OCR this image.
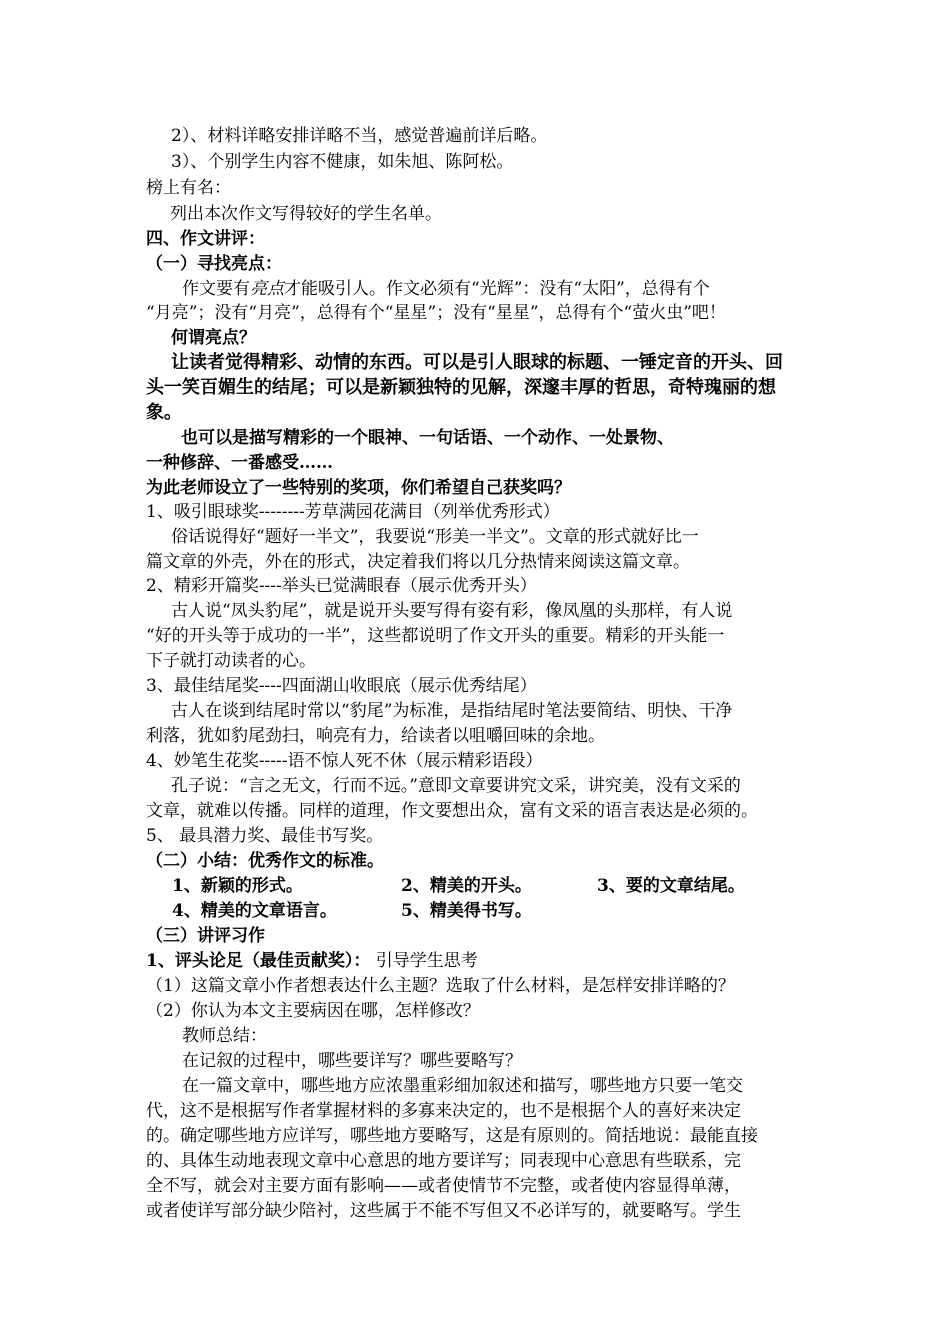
2）、材料详略安排详略不当，感觉普遍前详后略。
3）、个别学生内容不健康，如朱旭、陈阿松。
榜上有名：
列出本次作文写得较好的学生名单。
四、作文讲评：
（一）寻找亮点：
作文要有亮点才能吸引人。作文必须有“光辉”：没有“太阳”，总得有个
“月亮”；没有“月亮”，总得有个“星星”；没有“星星”，总得有个“萤火虫”吧！
何谓亮点？
让读者觉得精彩、动情的东西。可以是引人眼球的标题、一锤定音的开头、回
头一笑百媚生的结尾；可以是新颖独特的见解，深邃丰厚的哲思，奇特瑰丽的想
象。
也可以是描写精彩的一个眼神、一句话语、一个动作、一处景物、
一种修辞、一番感受……
为此老师设立了一些特别的奖项，你们希望自己获奖吗？
1、吸引眼球奖--------芳草满园花满目（列举优秀形式）
俗话说得好“题好一半文”，我要说“形美一半文”。文章的形式就好比一
篇文章的外壳，外在的形式，决定着我们将以几分热情来阅读这篇文章。
2、精彩开篇奖----举头已觉满眼春（展示优秀开头）
古人说“凤头豹尾”，就是说开头要写得有姿有彩，像凤凰的头那样，有人说
“好的开头等于成功的一半”，这些都说明了作文开头的重要。精彩的开头能一
下子就打动读者的心。
3、最佳结尾奖----四面湖山收眼底（展示优秀结尾）
古人在谈到结尾时常以“豹尾”为标准，是指结尾时笔法要简结、明快、干净
利落，犹如豹尾劲扫，响亮有力，给读者以咀嚼回味的余地。
4、妙笔生花奖-----语不惊人死不休（展示精彩语段）
孔子说：“言之无文，行而不远。”意即文章要讲究文采，讲究美，没有文采的
文章，就难以传播。同样的道理，作文要想出众，富有文采的语言表达是必须的。
5、 最具潜力奖、最佳书写奖。
（二）小结：优秀作文的标准。
1、新颖的形式。	2、精美的开头。	3、要的文章结尾。
4、精美的文章语言。	5、精美得书写。
（三）讲评习作
1、评头论足（最佳贡献奖）： 引导学生思考
（1）这篇文章小作者想表达什么主题？选取了什么材料，是怎样安排详略的？
（2）你认为本文主要病因在哪，怎样修改？
教师总结：
在记叙的过程中，哪些要详写？哪些要略写？
在一篇文章中，哪些地方应浓墨重彩细加叙述和描写，哪些地方只要一笔交
代，这不是根据写作者掌握材料的多寡来决定的，也不是根据个人的喜好来决定
的。确定哪些地方应详写，哪些地方要略写，这是有原则的。简括地说：最能直接
的、具体生动地表现文章中心意思的地方要详写；同表现中心意思有些联系，完
全不写，就会对主要方面有影响——或者使情节不完整，或者使内容显得单薄，
或者使详写部分缺少陪衬，这些属于不能不写但又不必详写的，就要略写。学生
